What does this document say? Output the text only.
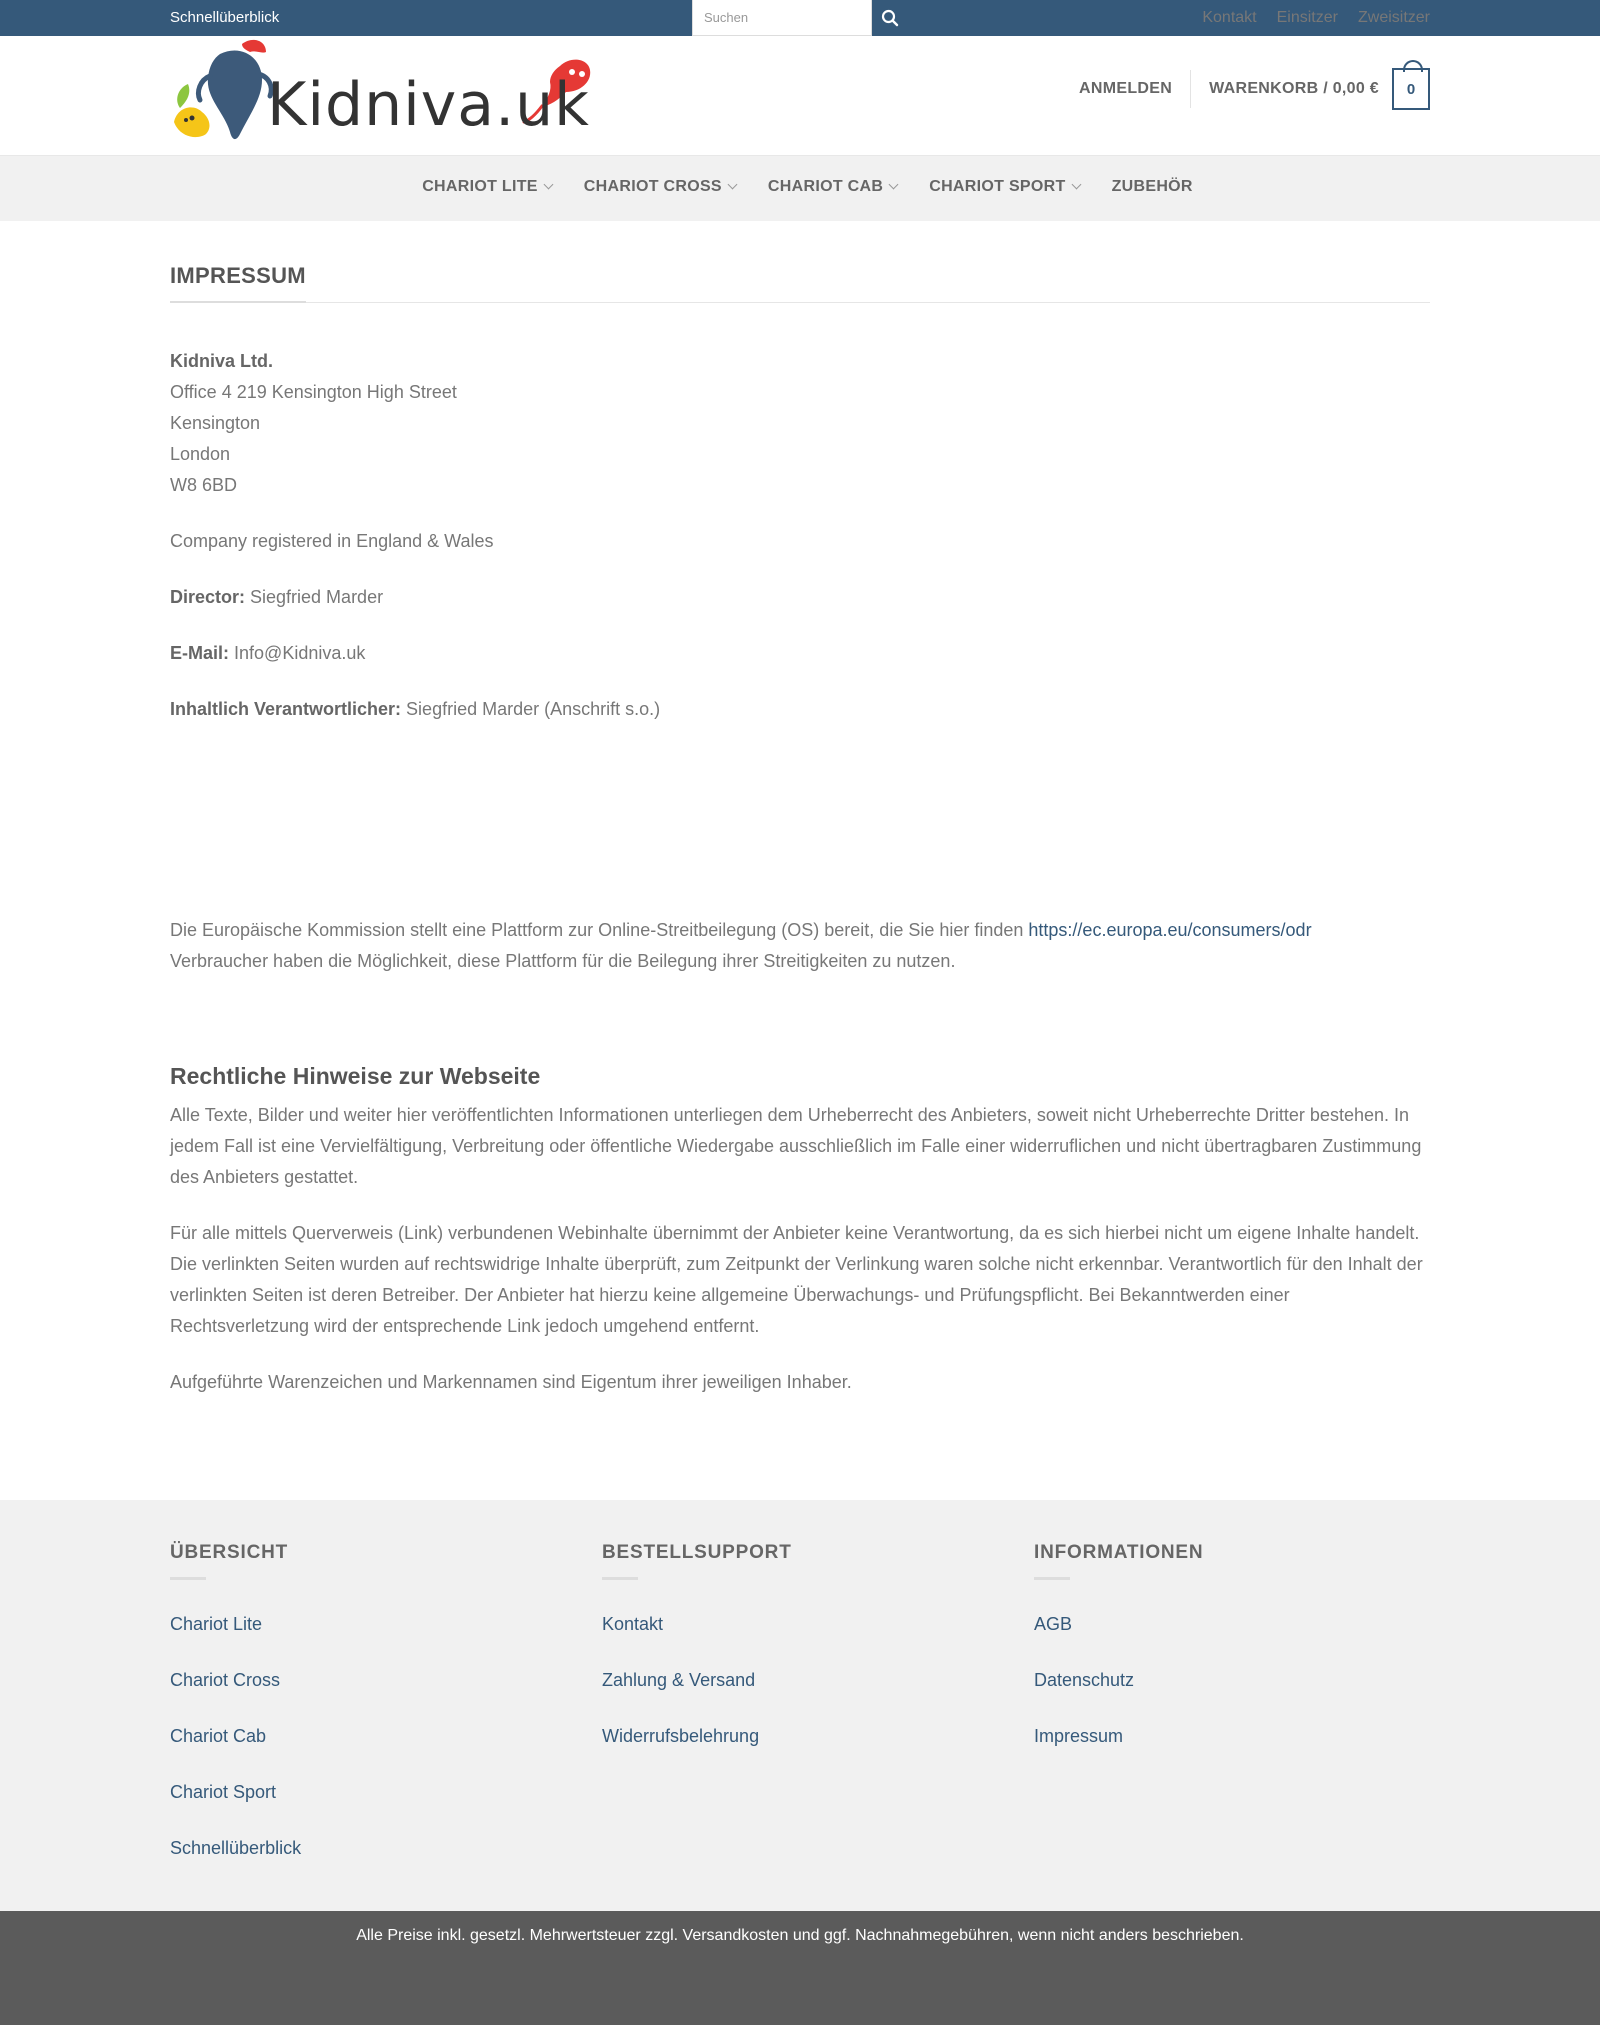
Schnellüberblick	Suchen	Kontakt Einsitzer Zweisitzer
Kidniva.uk	ANMELDEN	WARENKORB / 0,00 € 0
CHARIOT LITE	CHARIOT CROSS	CHARIOT CAB	CHARIOT SPORT	ZUBEHÖR
IMPRESSUM
Kidniva Ltd.
Office 4 219 Kensington High Street
Kensington
London
W8 6BD

Company registered in England & Wales

Director: Siegfried Marder

E-Mail: Info@Kidniva.uk

Inhaltlich Verantwortlicher: Siegfried Marder (Anschrift s.o.)

Die Europäische Kommission stellt eine Plattform zur Online-Streitbeilegung (OS) bereit, die Sie hier finden https://ec.europa.eu/consumers/odr
Verbraucher haben die Möglichkeit, diese Plattform für die Beilegung ihrer Streitigkeiten zu nutzen.

Rechtliche Hinweise zur Webseite

Alle Texte, Bilder und weiter hier veröffentlichten Informationen unterliegen dem Urheberrecht des Anbieters, soweit nicht Urheberrechte Dritter bestehen. In jedem Fall ist eine Vervielfältigung, Verbreitung oder öffentliche Wiedergabe ausschließlich im Falle einer widerruflichen und nicht übertragbaren Zustimmung des Anbieters gestattet.

Für alle mittels Querverweis (Link) verbundenen Webinhalte übernimmt der Anbieter keine Verantwortung, da es sich hierbei nicht um eigene Inhalte handelt. Die verlinkten Seiten wurden auf rechtswidrige Inhalte überprüft, zum Zeitpunkt der Verlinkung waren solche nicht erkennbar. Verantwortlich für den Inhalt der verlinkten Seiten ist deren Betreiber. Der Anbieter hat hierzu keine allgemeine Überwachungs- und Prüfungspflicht. Bei Bekanntwerden einer Rechtsverletzung wird der entsprechende Link jedoch umgehend entfernt.

Aufgeführte Warenzeichen und Markennamen sind Eigentum ihrer jeweiligen Inhaber.

ÜBERSICHT
Chariot Lite
Chariot Cross
Chariot Cab
Chariot Sport
Schnellüberblick
BESTELLSUPPORT
Kontakt
Zahlung & Versand
Widerrufsbelehrung
INFORMATIONEN
AGB
Datenschutz
Impressum

Alle Preise inkl. gesetzl. Mehrwertsteuer zzgl. Versandkosten und ggf. Nachnahmegebühren, wenn nicht anders beschrieben.
